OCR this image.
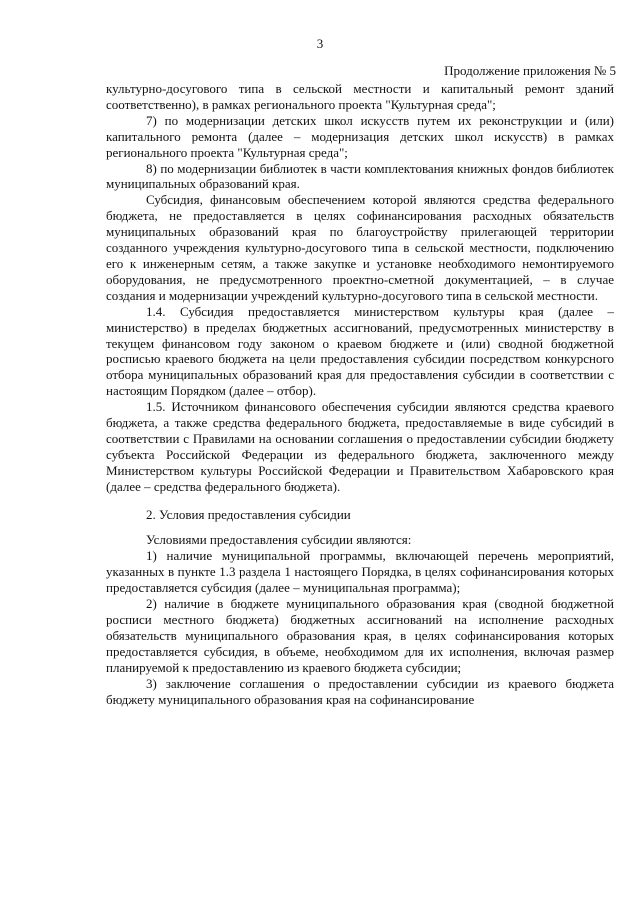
3
Продолжение приложения № 5

культурно-досугового типа в сельской местности и капитальный ремонт зданий соответственно), в рамках регионального проекта "Культурная среда";

7) по модернизации детских школ искусств путем их реконструкции и (или) капитального ремонта (далее – модернизация детских школ искусств) в рамках регионального проекта "Культурная среда";

8) по модернизации библиотек в части комплектования книжных фондов библиотек муниципальных образований края.

Субсидия, финансовым обеспечением которой являются средства федерального бюджета, не предоставляется в целях софинансирования расходных обязательств муниципальных образований края по благоустройству прилегающей территории созданного учреждения культурно-досугового типа в сельской местности, подключению его к инженерным сетям, а также закупке и установке необходимого немонтируемого оборудования, не предусмотренного проектно-сметной документацией, – в случае создания и модернизации учреждений культурно-досугового типа в сельской местности.

1.4. Субсидия предоставляется министерством культуры края (далее – министерство) в пределах бюджетных ассигнований, предусмотренных министерству в текущем финансовом году законом о краевом бюджете и (или) сводной бюджетной росписью краевого бюджета на цели предоставления субсидии посредством конкурсного отбора муниципальных образований края для предоставления субсидии в соответствии с настоящим Порядком (далее – отбор).

1.5. Источником финансового обеспечения субсидии являются средства краевого бюджета, а также средства федерального бюджета, предоставляемые в виде субсидий в соответствии с Правилами на основании соглашения о предоставлении субсидии бюджету субъекта Российской Федерации из федерального бюджета, заключенного между Министерством культуры Российской Федерации и Правительством Хабаровского края (далее – средства федерального бюджета).

2. Условия предоставления субсидии

Условиями предоставления субсидии являются:

1) наличие муниципальной программы, включающей перечень мероприятий, указанных в пункте 1.3 раздела 1 настоящего Порядка, в целях софинансирования которых предоставляется субсидия (далее – муниципальная программа);

2) наличие в бюджете муниципального образования края (сводной бюджетной росписи местного бюджета) бюджетных ассигнований на исполнение расходных обязательств муниципального образования края, в целях софинансирования которых предоставляется субсидия, в объеме, необходимом для их исполнения, включая размер планируемой к предоставлению из краевого бюджета субсидии;

3) заключение соглашения о предоставлении субсидии из краевого бюджета бюджету муниципального образования края на софинансирование
